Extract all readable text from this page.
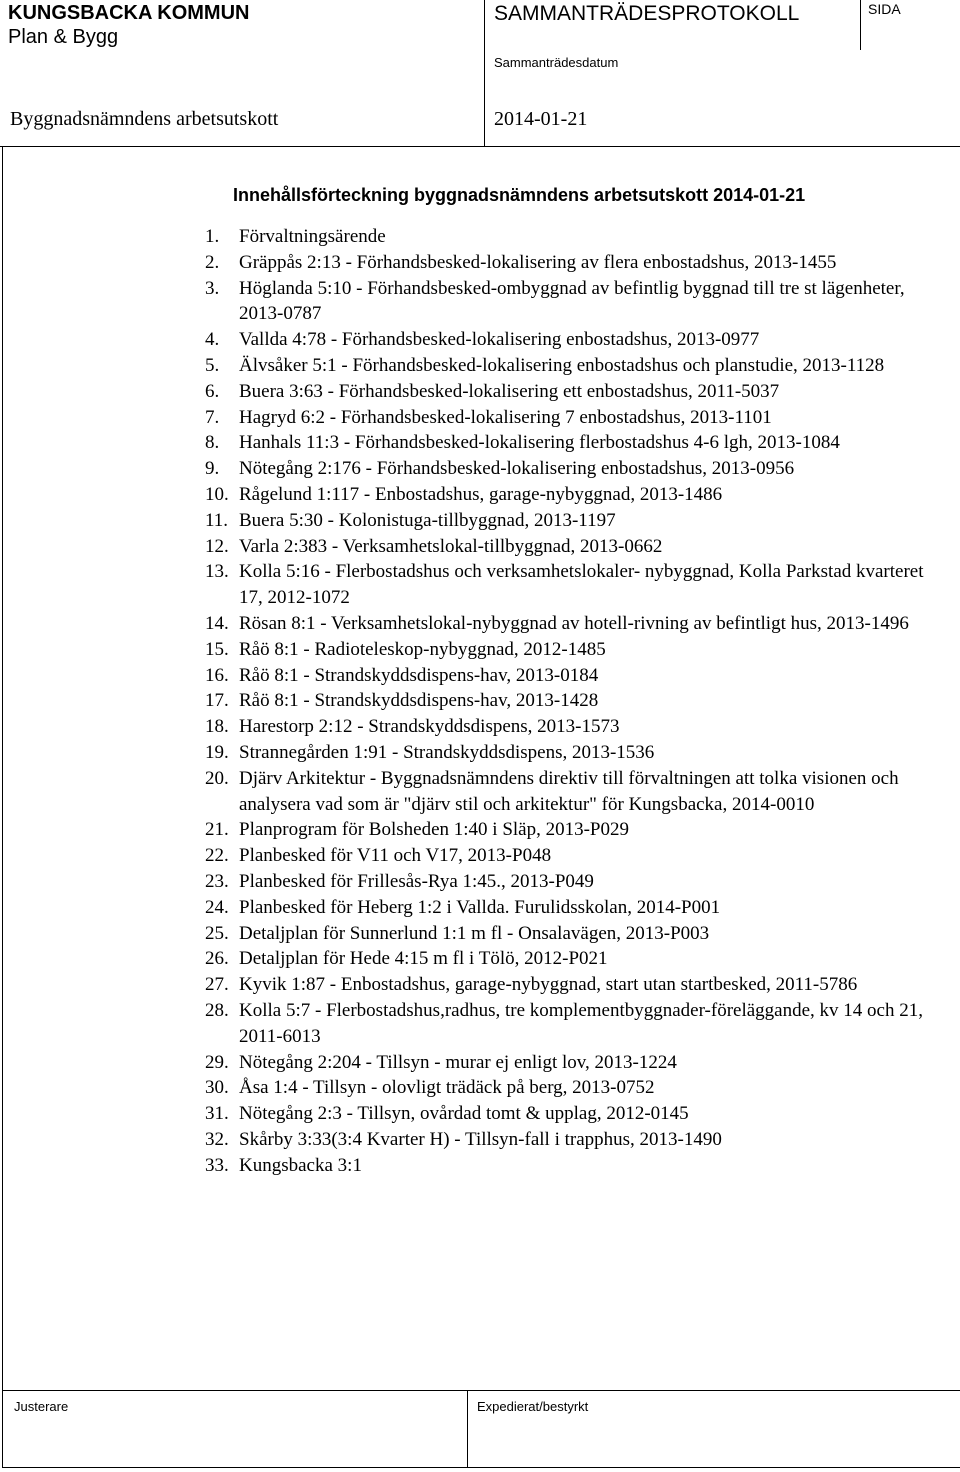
KUNGSBACKA KOMMUN
Plan & Bygg
SAMMANTRÄDESPROTOKOLL	SIDA
Sammanträdesdatum
Byggnadsnämndens arbetsutskott	2014-01-21
Innehållsförteckning byggnadsnämndens arbetsutskott 2014-01-21
1.	Förvaltningsärende
2.	Gräppås 2:13 - Förhandsbesked-lokalisering av flera enbostadshus, 2013-1455
3.	Höglanda 5:10 - Förhandsbesked-ombyggnad av befintlig byggnad till tre st lägenheter, 2013-0787
4.	Vallda 4:78 - Förhandsbesked-lokalisering enbostadshus, 2013-0977
5.	Älvsåker 5:1 - Förhandsbesked-lokalisering enbostadshus och planstudie, 2013-1128
6.	Buera 3:63 - Förhandsbesked-lokalisering ett enbostadshus, 2011-5037
7.	Hagryd 6:2 - Förhandsbesked-lokalisering 7 enbostadshus, 2013-1101
8.	Hanhals 11:3 - Förhandsbesked-lokalisering flerbostadshus 4-6 lgh, 2013-1084
9.	Nötegång 2:176 - Förhandsbesked-lokalisering enbostadshus, 2013-0956
10. Rågelund 1:117 - Enbostadshus, garage-nybyggnad, 2013-1486
11. Buera 5:30 - Kolonistuga-tillbyggnad, 2013-1197
12. Varla 2:383 - Verksamhetslokal-tillbyggnad, 2013-0662
13. Kolla 5:16 - Flerbostadshus och verksamhetslokaler- nybyggnad, Kolla Parkstad kvarteret 17, 2012-1072
14. Rösan 8:1 - Verksamhetslokal-nybyggnad av hotell-rivning av befintligt hus, 2013-1496
15. Råö 8:1 - Radioteleskop-nybyggnad, 2012-1485
16. Råö 8:1 - Strandskyddsdispens-hav, 2013-0184
17. Råö 8:1 - Strandskyddsdispens-hav, 2013-1428
18. Harestorp 2:12 - Strandskyddsdispens, 2013-1573
19. Strannegården 1:91 - Strandskyddsdispens, 2013-1536
20. Djärv Arkitektur - Byggnadsnämndens direktiv till förvaltningen att tolka visionen och analysera vad som är "djärv stil och arkitektur" för Kungsbacka, 2014-0010
21. Planprogram för Bolsheden 1:40 i Släp, 2013-P029
22. Planbesked för V11 och V17, 2013-P048
23. Planbesked för Frillesås-Rya 1:45., 2013-P049
24. Planbesked för Heberg 1:2 i Vallda. Furulidsskolan, 2014-P001
25. Detaljplan för Sunnerlund 1:1 m fl - Onsalavägen, 2013-P003
26. Detaljplan för Hede 4:15 m fl i Tölö, 2012-P021
27. Kyvik 1:87 - Enbostadshus, garage-nybyggnad, start utan startbesked, 2011-5786
28. Kolla 5:7 - Flerbostadshus,radhus, tre komplementbyggnader-föreläggande, kv 14 och 21, 2011-6013
29. Nötegång 2:204 - Tillsyn - murar ej enligt lov, 2013-1224
30. Åsa 1:4 - Tillsyn - olovligt trädäck på berg, 2013-0752
31. Nötegång 2:3 - Tillsyn, ovårdad tomt & upplag, 2012-0145
32. Skårby 3:33(3:4 Kvarter H) - Tillsyn-fall i trapphus, 2013-1490
33. Kungsbacka 3:1
Justerare	Expedierat/bestyrkt
